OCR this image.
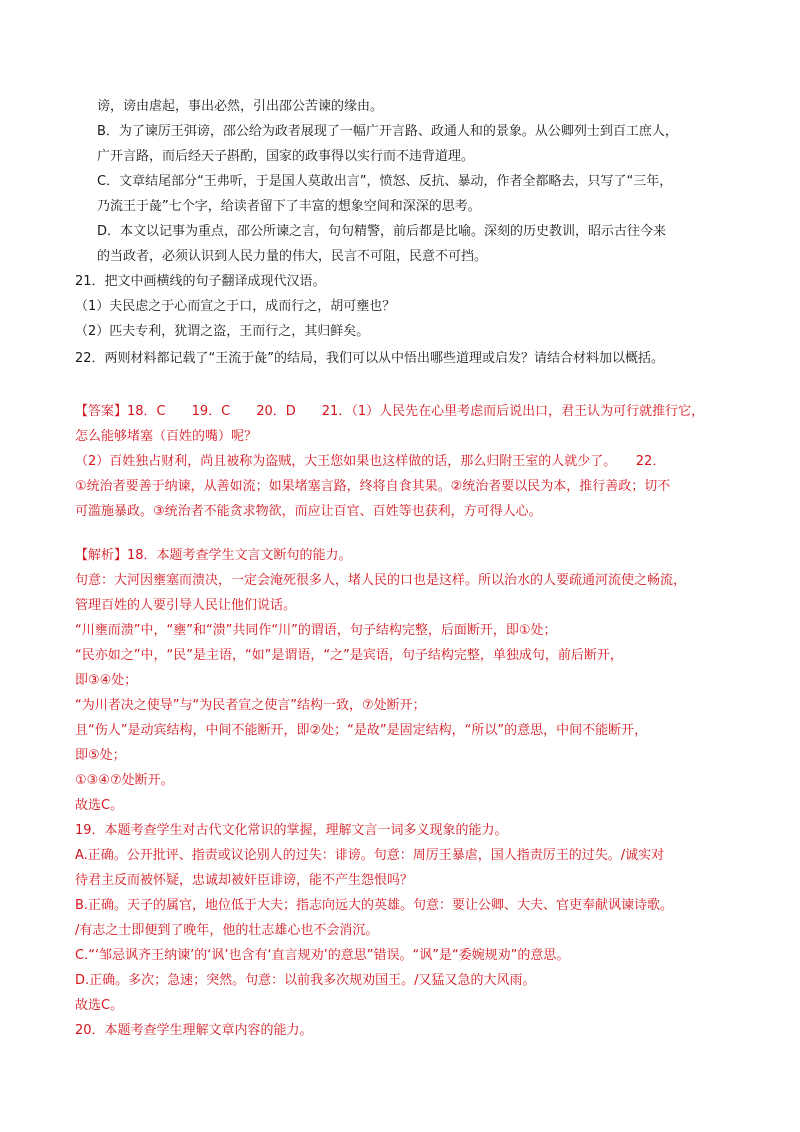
谤，谤由虐起，事出必然，引出邵公苦谏的缘由。
B．为了谏厉王弭谤，邵公给为政者展现了一幅广开言路、政通人和的景象。从公卿列士到百工庶人，
广开言路，而后经天子斟酌，国家的政事得以实行而不违背道理。
C．文章结尾部分“王弗听，于是国人莫敢出言”，愤怒、反抗、暴动，作者全都略去，只写了“三年，
乃流王于彘”七个字，给读者留下了丰富的想象空间和深深的思考。
D．本文以记事为重点，邵公所谏之言，句句精警，前后都是比喻。深刻的历史教训，昭示古往今来
的当政者，必须认识到人民力量的伟大，民言不可阻，民意不可挡。
21．把文中画横线的句子翻译成现代汉语。
（1）夫民虑之于心而宣之于口，成而行之，胡可壅也？
（2）匹夫专利，犹谓之盗，王而行之，其归鲜矣。
22．两则材料都记载了“王流于彘”的结局，我们可以从中悟出哪些道理或启发？请结合材料加以概括。
【答案】18．C　　19．C　　20．D　　21．（1）人民先在心里考虑而后说出口，君王认为可行就推行它，
怎么能够堵塞（百姓的嘴）呢？
（2）百姓独占财利，尚且被称为盗贼，大王您如果也这样做的话，那么归附王室的人就少了。　　22．
①统治者要善于纳谏，从善如流；如果堵塞言路，终将自食其果。②统治者要以民为本，推行善政；切不
可滥施暴政。③统治者不能贪求物欲，而应让百官、百姓等也获利，方可得人心。
【解析】18．本题考查学生文言文断句的能力。
句意：大河因壅塞而溃决，一定会淹死很多人，堵人民的口也是这样。所以治水的人要疏通河流使之畅流，
管理百姓的人要引导人民让他们说话。
“川壅而溃”中，“壅”和“溃”共同作“川”的谓语，句子结构完整，后面断开，即①处；
“民亦如之”中，“民”是主语，“如”是谓语，“之”是宾语，句子结构完整，单独成句，前后断开，
即③④处；
“为川者决之使导”与“为民者宣之使言”结构一致，⑦处断开；
且“伤人”是动宾结构，中间不能断开，即②处；“是故”是固定结构，“所以”的意思，中间不能断开，
即⑤处；
①③④⑦处断开。
故选C。
19．本题考查学生对古代文化常识的掌握，理解文言一词多义现象的能力。
A.正确。公开批评、指责或议论别人的过失：诽谤。句意：周厉王暴虐，国人指责厉王的过失。/诚实对
待君主反而被怀疑，忠诚却被奸臣诽谤，能不产生怨恨吗？
B.正确。天子的属官，地位低于大夫；指志向远大的英雄。句意：要让公卿、大夫、官吏奉献讽谏诗歌。
/有志之士即便到了晚年，他的壮志雄心也不会消沉。
C.“‘邹忌讽齐王纳谏’的‘讽’也含有‘直言规劝’的意思”错误。“讽”是“委婉规劝”的意思。
D.正确。多次；急速；突然。句意：以前我多次规劝国王。/又猛又急的大风雨。
故选C。
20．本题考查学生理解文章内容的能力。
